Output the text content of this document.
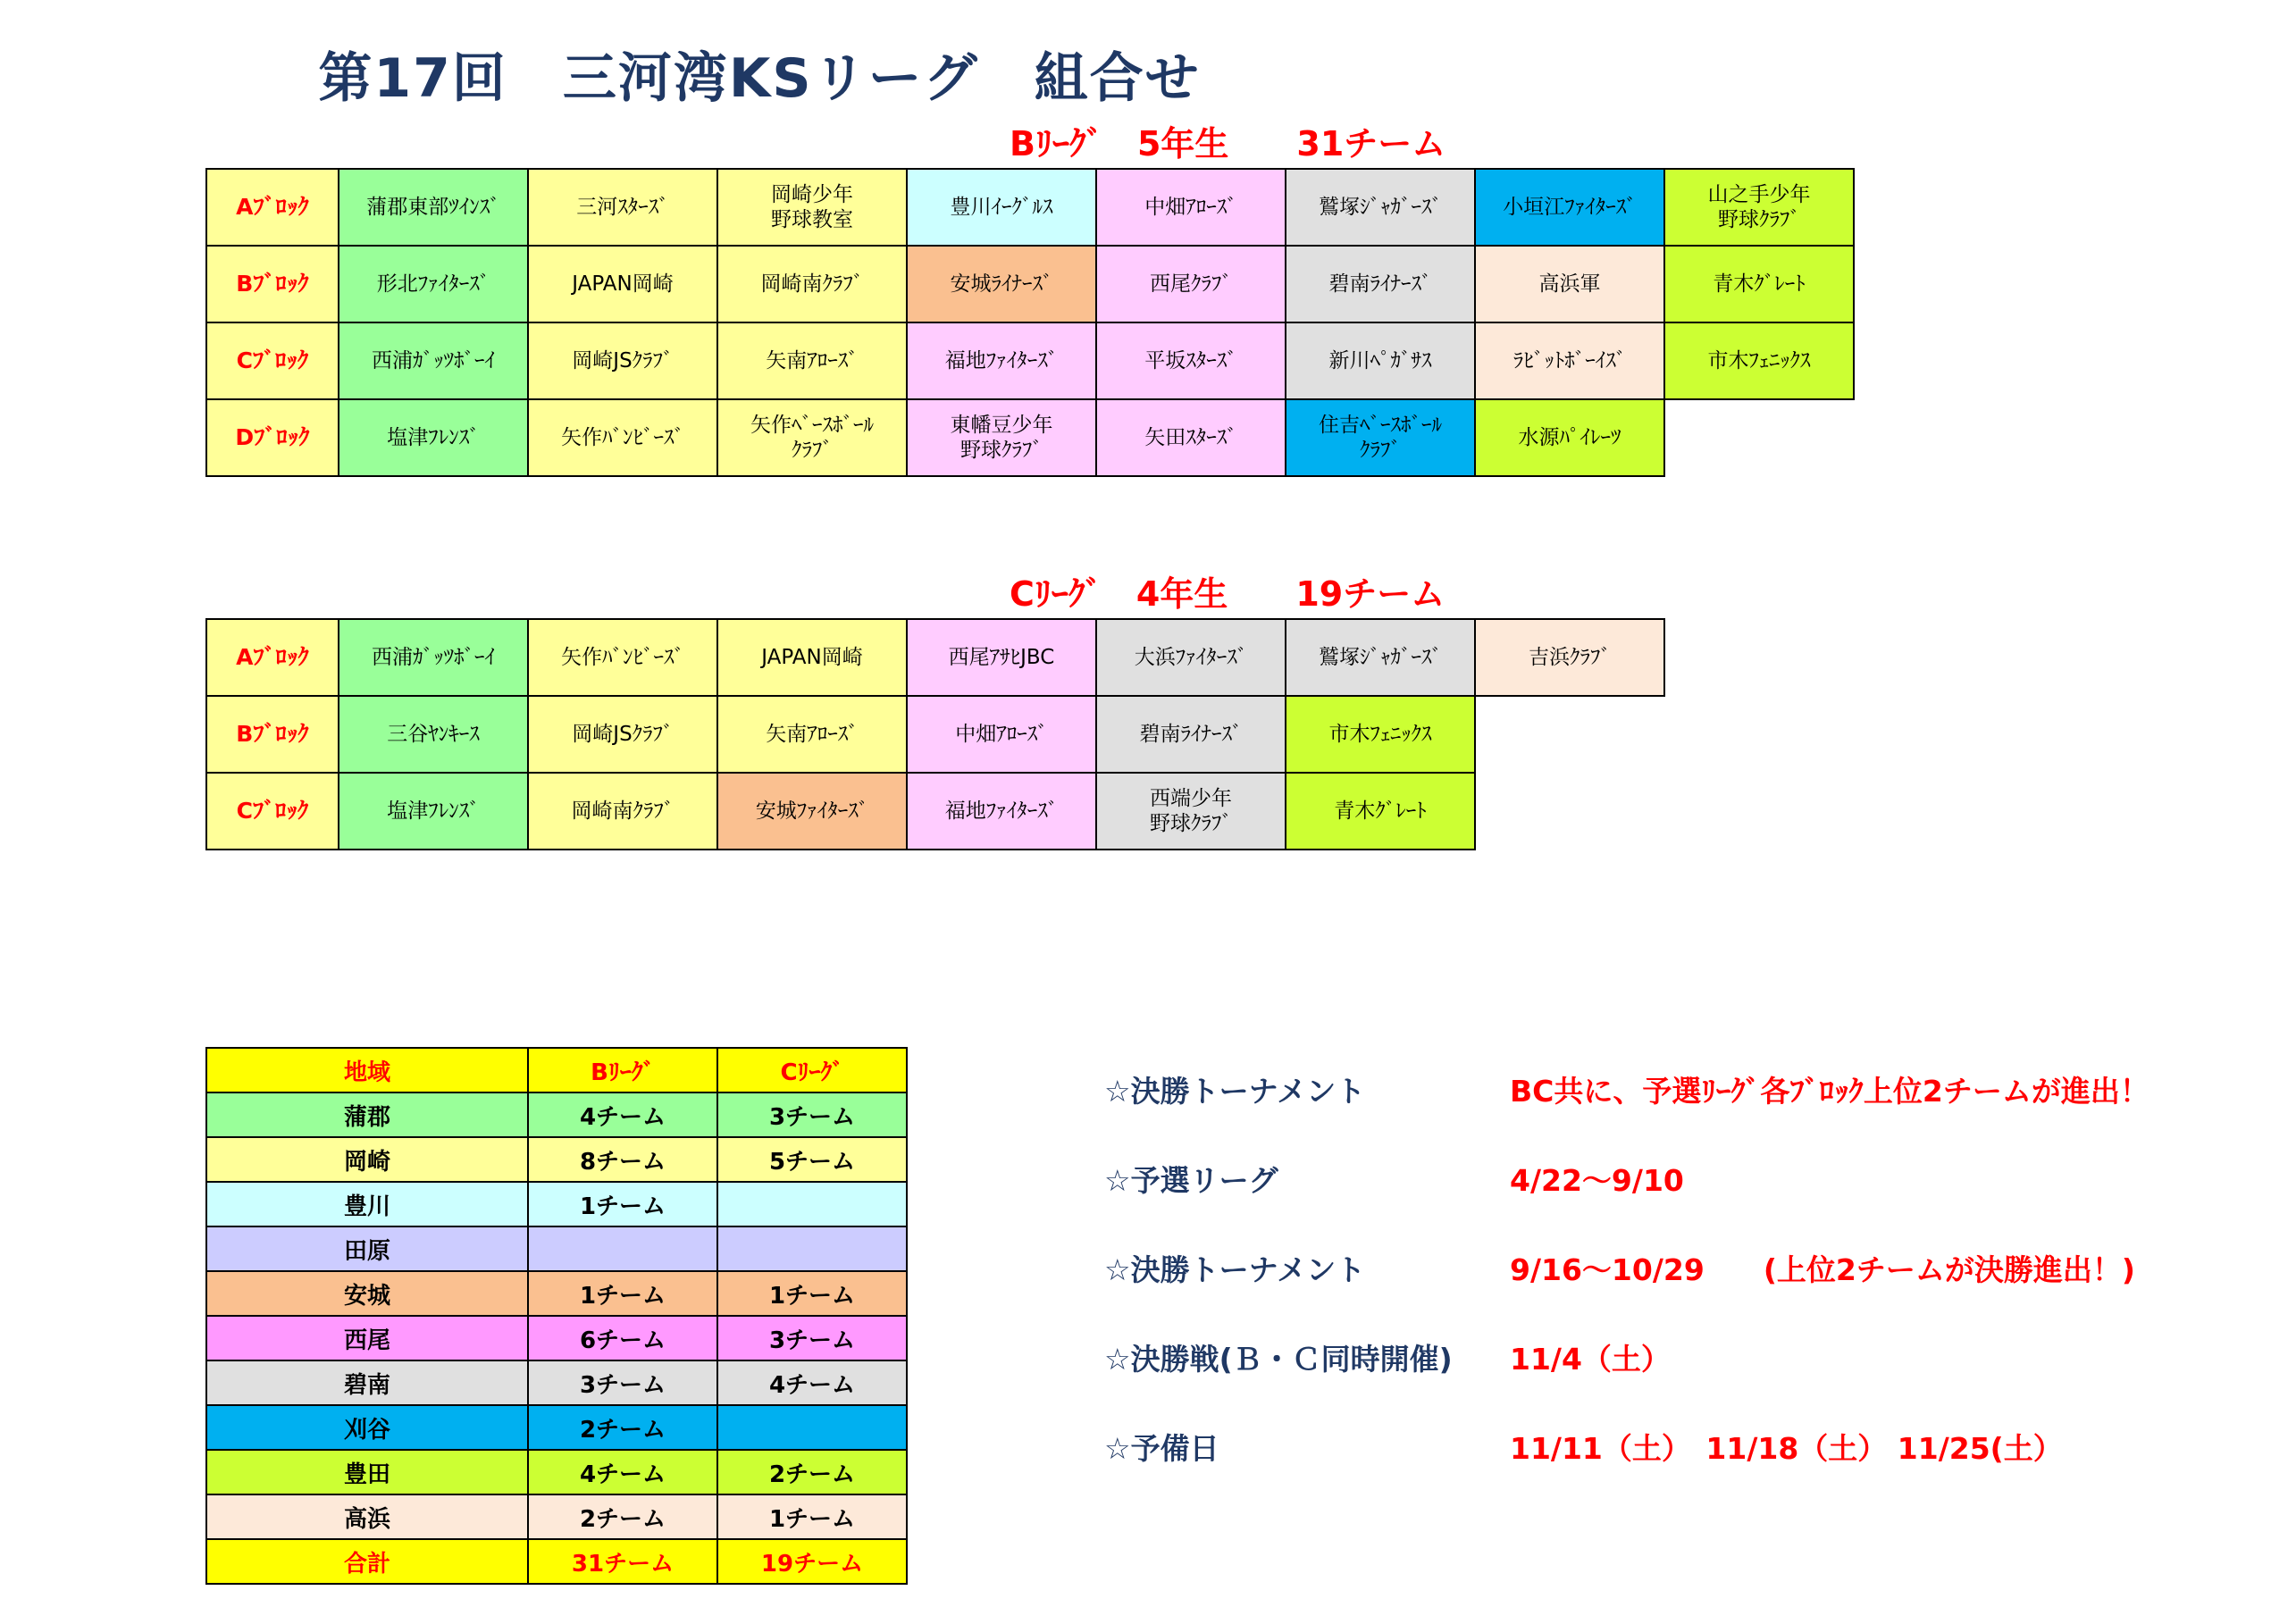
第17回　三河湾KSリーグ　組合せ
Bﾘｰｸﾞ　5年生　　31チーム
Aﾌﾞﾛｯｸ	蒲郡東部ﾂｲﾝｽﾞ	三河ｽﾀｰｽﾞ	岡崎少年
野球教室	豊川ｲｰｸﾞﾙｽ	中畑ｱﾛｰｽﾞ	鷲塚ｼﾞｬｶﾞｰｽﾞ	小垣江ﾌｧｲﾀｰｽﾞ	山之手少年
野球ｸﾗﾌﾞ
Bﾌﾞﾛｯｸ	形北ﾌｧｲﾀｰｽﾞ	JAPAN岡崎	岡崎南ｸﾗﾌﾞ	安城ﾗｲﾅｰｽﾞ	西尾ｸﾗﾌﾞ	碧南ﾗｲﾅｰｽﾞ	高浜軍	青木ｸﾞﾚｰﾄ
Cﾌﾞﾛｯｸ	西浦ｶﾞｯﾂﾎﾞｰｲ	岡崎JSｸﾗﾌﾞ	矢南ｱﾛｰｽﾞ	福地ﾌｧｲﾀｰｽﾞ	平坂ｽﾀｰｽﾞ	新川ﾍﾟｶﾞｻｽ	ﾗﾋﾞｯﾄﾎﾞｰｲｽﾞ	市木ﾌｪﾆｯｸｽ
Dﾌﾞﾛｯｸ	塩津ﾌﾚﾝｽﾞ	矢作ﾊﾞﾝﾋﾞｰｽﾞ	矢作ﾍﾞｰｽﾎﾞｰﾙ
ｸﾗﾌﾞ	東幡豆少年
野球ｸﾗﾌﾞ	矢田ｽﾀｰｽﾞ	住吉ﾍﾞｰｽﾎﾞｰﾙ
ｸﾗﾌﾞ	水源ﾊﾟｲﾚｰﾂ	
Cﾘｰｸﾞ　4年生　　19チーム
Aﾌﾞﾛｯｸ	西浦ｶﾞｯﾂﾎﾞｰｲ	矢作ﾊﾞﾝﾋﾞｰｽﾞ	JAPAN岡崎	西尾ｱｻﾋJBC	大浜ﾌｧｲﾀｰｽﾞ	鷲塚ｼﾞｬｶﾞｰｽﾞ	吉浜ｸﾗﾌﾞ
Bﾌﾞﾛｯｸ	三谷ﾔﾝｷｰｽ	岡崎JSｸﾗﾌﾞ	矢南ｱﾛｰｽﾞ	中畑ｱﾛｰｽﾞ	碧南ﾗｲﾅｰｽﾞ	市木ﾌｪﾆｯｸｽ	
Cﾌﾞﾛｯｸ	塩津ﾌﾚﾝｽﾞ	岡崎南ｸﾗﾌﾞ	安城ﾌｧｲﾀｰｽﾞ	福地ﾌｧｲﾀｰｽﾞ	西端少年
野球ｸﾗﾌﾞ	青木ｸﾞﾚｰﾄ	
地域	Bﾘｰｸﾞ	Cﾘｰｸﾞ
蒲郡	4チーム	3チーム
岡崎	8チーム	5チーム
豊川	1チーム	
田原		
安城	1チーム	1チーム
西尾	6チーム	3チーム
碧南	3チーム	4チーム
刈谷	2チーム	
豊田	4チーム	2チーム
高浜	2チーム	1チーム
合計	31チーム	19チーム
☆決勝トーナメント	BC共に、予選ﾘｰｸﾞ各ﾌﾞﾛｯｸ上位2チームが進出！
☆予選リーグ	4/22～9/10
☆決勝トーナメント	9/16～10/29　　(上位2チームが決勝進出！)
☆決勝戦(Ｂ・Ｃ同時開催) 11/4（土）
☆予備日	11/11（土）　11/18（土） 11/25(土）
